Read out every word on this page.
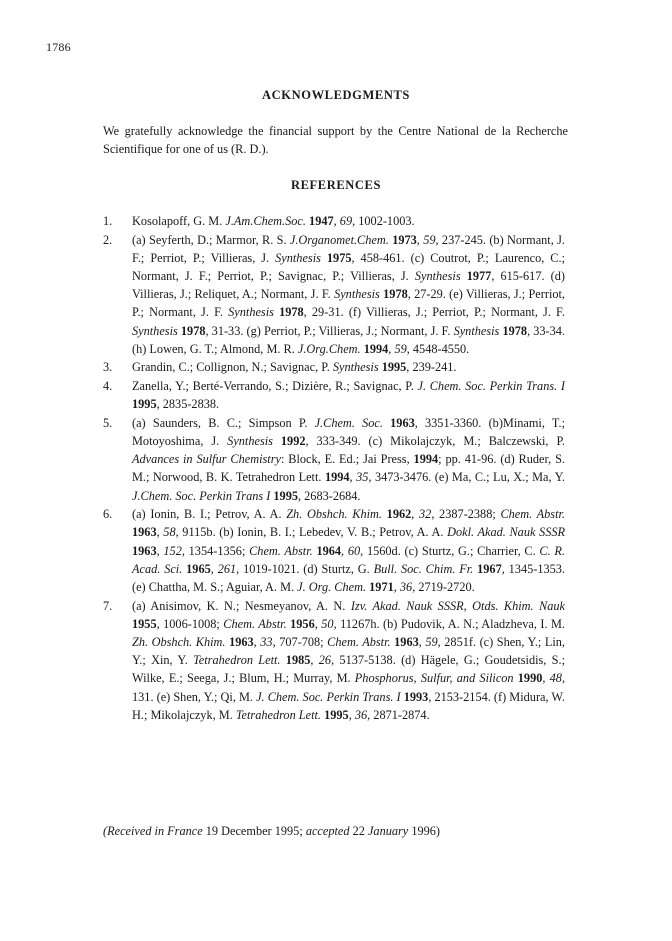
1786
ACKNOWLEDGMENTS
We gratefully acknowledge the financial support by the Centre National de la Recherche Scientifique for one of us (R. D.).
REFERENCES
1.	Kosolapoff, G. M. J.Am.Chem.Soc. 1947, 69, 1002-1003.
2.	(a) Seyferth, D.; Marmor, R. S. J.Organomet.Chem. 1973, 59, 237-245. (b) Normant, J. F.; Perriot, P.; Villieras, J. Synthesis 1975, 458-461. (c) Coutrot, P.; Laurenco, C.; Normant, J. F.; Perriot, P.; Savignac, P.; Villieras, J. Synthesis 1977, 615-617. (d) Villieras, J.; Reliquet, A.; Normant, J. F. Synthesis 1978, 27-29. (e) Villieras, J.; Perriot, P.; Normant, J. F. Synthesis 1978, 29-31. (f) Villieras, J.; Perriot, P.; Normant, J. F. Synthesis 1978, 31-33. (g) Perriot, P.; Villieras, J.; Normant, J. F. Synthesis 1978, 33-34. (h) Lowen, G. T.; Almond, M. R. J.Org.Chem. 1994, 59, 4548-4550.
3.	Grandin, C.; Collignon, N.; Savignac, P. Synthesis 1995, 239-241.
4.	Zanella, Y.; Berté-Verrando, S.; Dizière, R.; Savignac, P. J. Chem. Soc. Perkin Trans. I 1995, 2835-2838.
5.	(a) Saunders, B. C.; Simpson P. J.Chem. Soc. 1963, 3351-3360. (b)Minami, T.; Motoyoshima, J. Synthesis 1992, 333-349. (c) Mikolajczyk, M.; Balczewski, P. Advances in Sulfur Chemistry: Block, E. Ed.; Jai Press, 1994; pp. 41-96. (d) Ruder, S. M.; Norwood, B. K. Tetrahedron Lett. 1994, 35, 3473-3476. (e) Ma, C.; Lu, X.; Ma, Y. J.Chem. Soc. Perkin Trans I 1995, 2683-2684.
6.	(a) Ionin, B. I.; Petrov, A. A. Zh. Obshch. Khim. 1962, 32, 2387-2388; Chem. Abstr. 1963, 58, 9115b. (b) Ionin, B. I.; Lebedev, V. B.; Petrov, A. A. Dokl. Akad. Nauk SSSR 1963, 152, 1354-1356; Chem. Abstr. 1964, 60, 1560d. (c) Sturtz, G.; Charrier, C. C. R. Acad. Sci. 1965, 261, 1019-1021. (d) Sturtz, G. Bull. Soc. Chim. Fr. 1967, 1345-1353. (e) Chattha, M. S.; Aguiar, A. M. J. Org. Chem. 1971, 36, 2719-2720.
7.	(a) Anisimov, K. N.; Nesmeyanov, A. N. Izv. Akad. Nauk SSSR, Otds. Khim. Nauk 1955, 1006-1008; Chem. Abstr. 1956, 50, 11267h. (b) Pudovik, A. N.; Aladzheva, I. M. Zh. Obshch. Khim. 1963, 33, 707-708; Chem. Abstr. 1963, 59, 2851f. (c) Shen, Y.; Lin, Y.; Xin, Y. Tetrahedron Lett. 1985, 26, 5137-5138. (d) Hägele, G.; Goudetsidis, S.; Wilke, E.; Seega, J.; Blum, H.; Murray, M. Phosphorus, Sulfur, and Silicon 1990, 48, 131. (e) Shen, Y.; Qi, M. J. Chem. Soc. Perkin Trans. I 1993, 2153-2154. (f) Midura, W. H.; Mikolajczyk, M. Tetrahedron Lett. 1995, 36, 2871-2874.
(Received in France 19 December 1995; accepted 22 January 1996)
